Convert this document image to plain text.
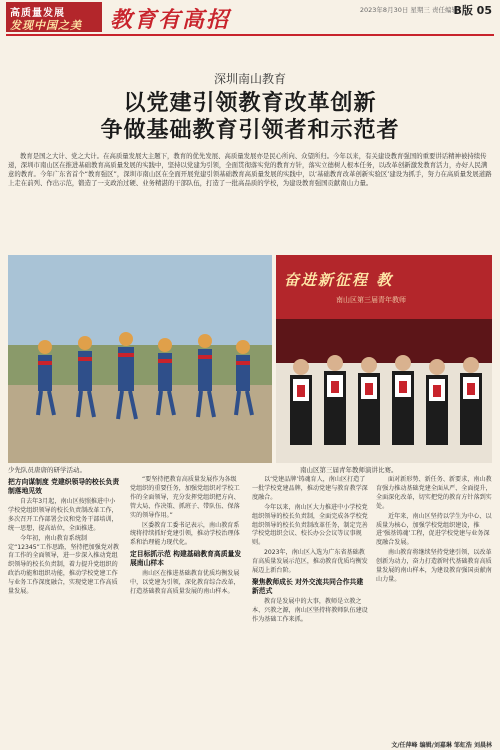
高质量发展
发现中国之美 教育有高招	2023年8月30日 星期三 责任编辑
B版 05
深圳南山教育
以党建引领教育改革创新
争做基础教育引领者和示范者
教育是国之大计、党之大计。在高质量发展大主题下，教育的优先发展、高质量发展亦是民心所向、众望所归。今年以来，有关建设教育强国的重要讲话精神被持续传递，深圳市南山区在推进基础教育高质量发展的实践中，坚持以党建为引领，全面贯彻落实党的教育方针，落实立德树人根本任务，以改革创新激发教育活力，办好人民满意的教育。今年广东省首个“教育强区”，深圳市南山区在全面开展党建引领基础教育高质量发展的实践中，以‘基础教育改革创新实验区’建设为抓手，努力在高质量发展道路上走在前列、作出示范，锻造了一支政治过硬、业务精湛的干部队伍，打造了一批高品质的学校，为建设教育强国贡献南山力量。
少先队员唐唐的研学活动。
奋进新征程 教
南山区第三届青年教师
南山区第三届青年教师演讲比赛。
把方向谋制度 党建织领导的校长负责制落地见效

自去年3月起，南山区按照推进中小学校党组织领导的校长负责制改革工作，多次召开工作部署会议和党务干部培训，统一思想，提高站位，全面推进。

今年初，南山教育系统制定“12345”工作思路，坚持把加强党对教育工作的全面领导，进一步深入推动党组织领导的校长负责制，着力提升党组织的政治功能和组织功能，推动学校党建工作与业务工作深度融合，实现党建工作高质量发展。

“要坚持把教育高质量发展作为各级党组织的重要任务，加强党组织对学校工作的全面领导，充分发挥党组织把方向、管大局、作决策、抓班子、带队伍、保落实的领导作用。”

区委教育工委书记表示，南山教育系统将持续抓好党建引领，推动学校治理体系和治理能力现代化。

定目标抓示范 构建基础教育高质量发展南山样本

南山区在推进基础教育优质均衡发展中，以党建为引领，深化教育综合改革，打造基础教育高质量发展的南山样本。

以‘党建品牌’铸魂育人，南山区打造了一批学校党建品牌，推动党建与教育教学深度融合。

今年以来，南山区大力推进中小学校党组织领导的校长负责制，全面完成各学校党组织领导的校长负责制改革任务，制定完善学校党组织会议、校长办公会议等议事规则。

2023年，南山区入选为广东省基础教育高质量发展示范区，推动教育优质均衡发展迈上新台阶。

聚焦教师成长 对外交流共同合作共建新范式

教育是发展中的大事，教师是立教之本、兴教之源，南山区坚持将教师队伍建设作为基础工作来抓。

面对新形势、新任务、新要求，南山教育强力推动基础党建全面从严、全面提升，全面深化改革，切实把党的教育方针落到实处。

近年来，南山区坚持以学生为中心、以质量为核心，加强学校党组织建设，推进‘强基铸魂’工程，促进学校党建与业务深度融合发展。

南山教育将继续坚持党建引领，以改革创新为动力，奋力打造新时代基础教育高质量发展的南山样本，为建设教育强国贡献南山力量。

文/任萍峰 编辑/刘嘉琳 邹虹浩 刘晨林
